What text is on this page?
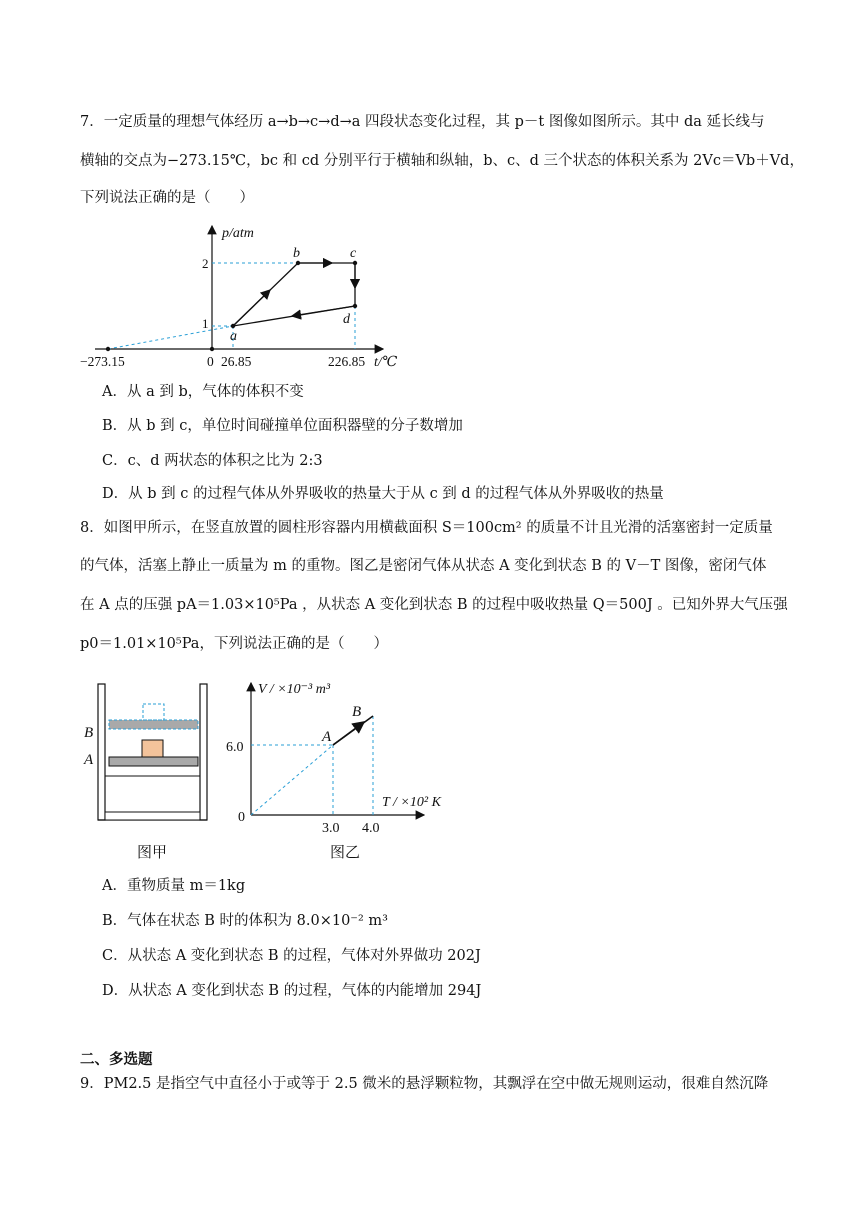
7．一定质量的理想气体经历 a→b→c→d→a 四段状态变化过程，其 p－t 图像如图所示。其中 da 延长线与
横轴的交点为−273.15℃，bc 和 cd 分别平行于横轴和纵轴，b、c、d 三个状态的体积关系为 2Vc＝Vb＋Vd，
下列说法正确的是（　　）
p/atm
t/℃
2
1
−273.15	0 26.85	226.85
a
b	c
d
A．从 a 到 b，气体的体积不变
B．从 b 到 c，单位时间碰撞单位面积器壁的分子数增加
C．c、d 两状态的体积之比为 2:3
D．从 b 到 c 的过程气体从外界吸收的热量大于从 c 到 d 的过程气体从外界吸收的热量
8．如图甲所示，在竖直放置的圆柱形容器内用横截面积 S＝100cm² 的质量不计且光滑的活塞密封一定质量
的气体，活塞上静止一质量为 m 的重物。图乙是密闭气体从状态 A 变化到状态 B 的 V－T 图像，密闭气体
在 A 点的压强 pA＝1.03×10⁵Pa ，从状态 A 变化到状态 B 的过程中吸收热量 Q＝500J 。已知外界大气压强
p0＝1.01×10⁵Pa，下列说法正确的是（　　）
B
A
图甲
V / ×10⁻³ m³
T / ×10² K
6.0
0
3.0 4.0
A
B
图乙
A．重物质量 m＝1kg
B．气体在状态 B 时的体积为 8.0×10⁻² m³
C．从状态 A 变化到状态 B 的过程，气体对外界做功 202J
D．从状态 A 变化到状态 B 的过程，气体的内能增加 294J
二、多选题
9．PM2.5 是指空气中直径小于或等于 2.5 微米的悬浮颗粒物，其飘浮在空中做无规则运动，很难自然沉降
